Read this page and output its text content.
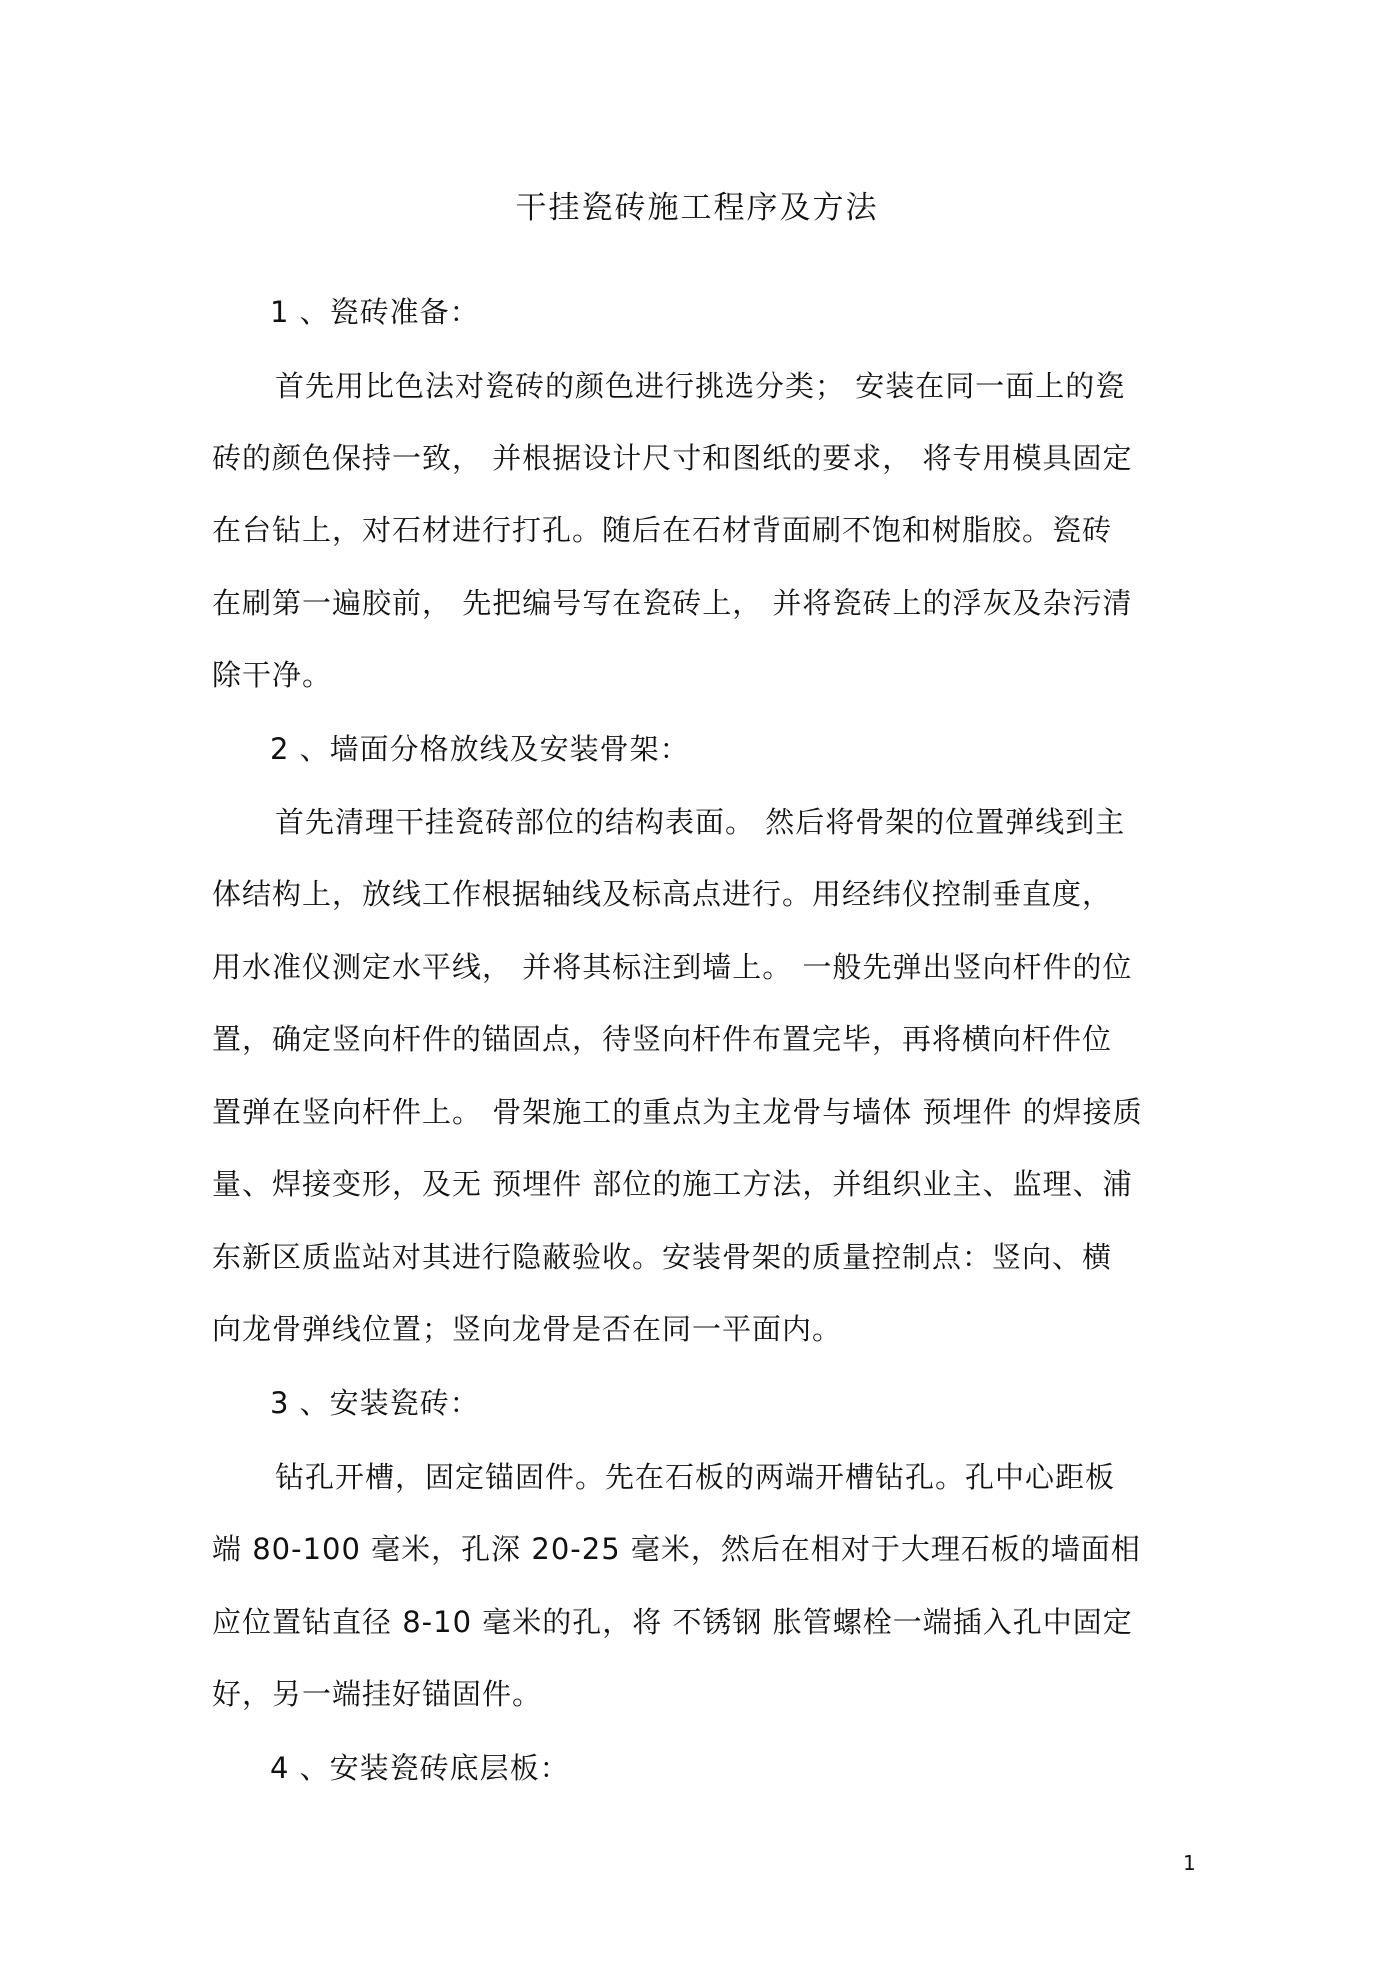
干挂瓷砖施工程序及方法

1 、瓷砖准备：

首先用比色法对瓷砖的颜色进行挑选分类； 安装在同一面上的瓷

砖的颜色保持一致， 并根据设计尺寸和图纸的要求， 将专用模具固定

在台钻上，对石材进行打孔。随后在石材背面刷不饱和树脂胶。瓷砖

在刷第一遍胶前， 先把编号写在瓷砖上， 并将瓷砖上的浮灰及杂污清

除干净。

2 、墙面分格放线及安装骨架：

首先清理干挂瓷砖部位的结构表面。 然后将骨架的位置弹线到主

体结构上，放线工作根据轴线及标高点进行。用经纬仪控制垂直度，

用水准仪测定水平线， 并将其标注到墙上。 一般先弹出竖向杆件的位

置，确定竖向杆件的锚固点，待竖向杆件布置完毕，再将横向杆件位

置弹在竖向杆件上。 骨架施工的重点为主龙骨与墙体 预埋件 的焊接质

量、焊接变形，及无 预埋件 部位的施工方法，并组织业主、监理、浦

东新区质监站对其进行隐蔽验收。安装骨架的质量控制点：竖向、横

向龙骨弹线位置；竖向龙骨是否在同一平面内。

3 、安装瓷砖：

钻孔开槽，固定锚固件。先在石板的两端开槽钻孔。孔中心距板

端 80-100 毫米，孔深 20-25 毫米，然后在相对于大理石板的墙面相

应位置钻直径 8-10 毫米的孔，将 不锈钢 胀管螺栓一端插入孔中固定

好，另一端挂好锚固件。

4 、安装瓷砖底层板：

1
